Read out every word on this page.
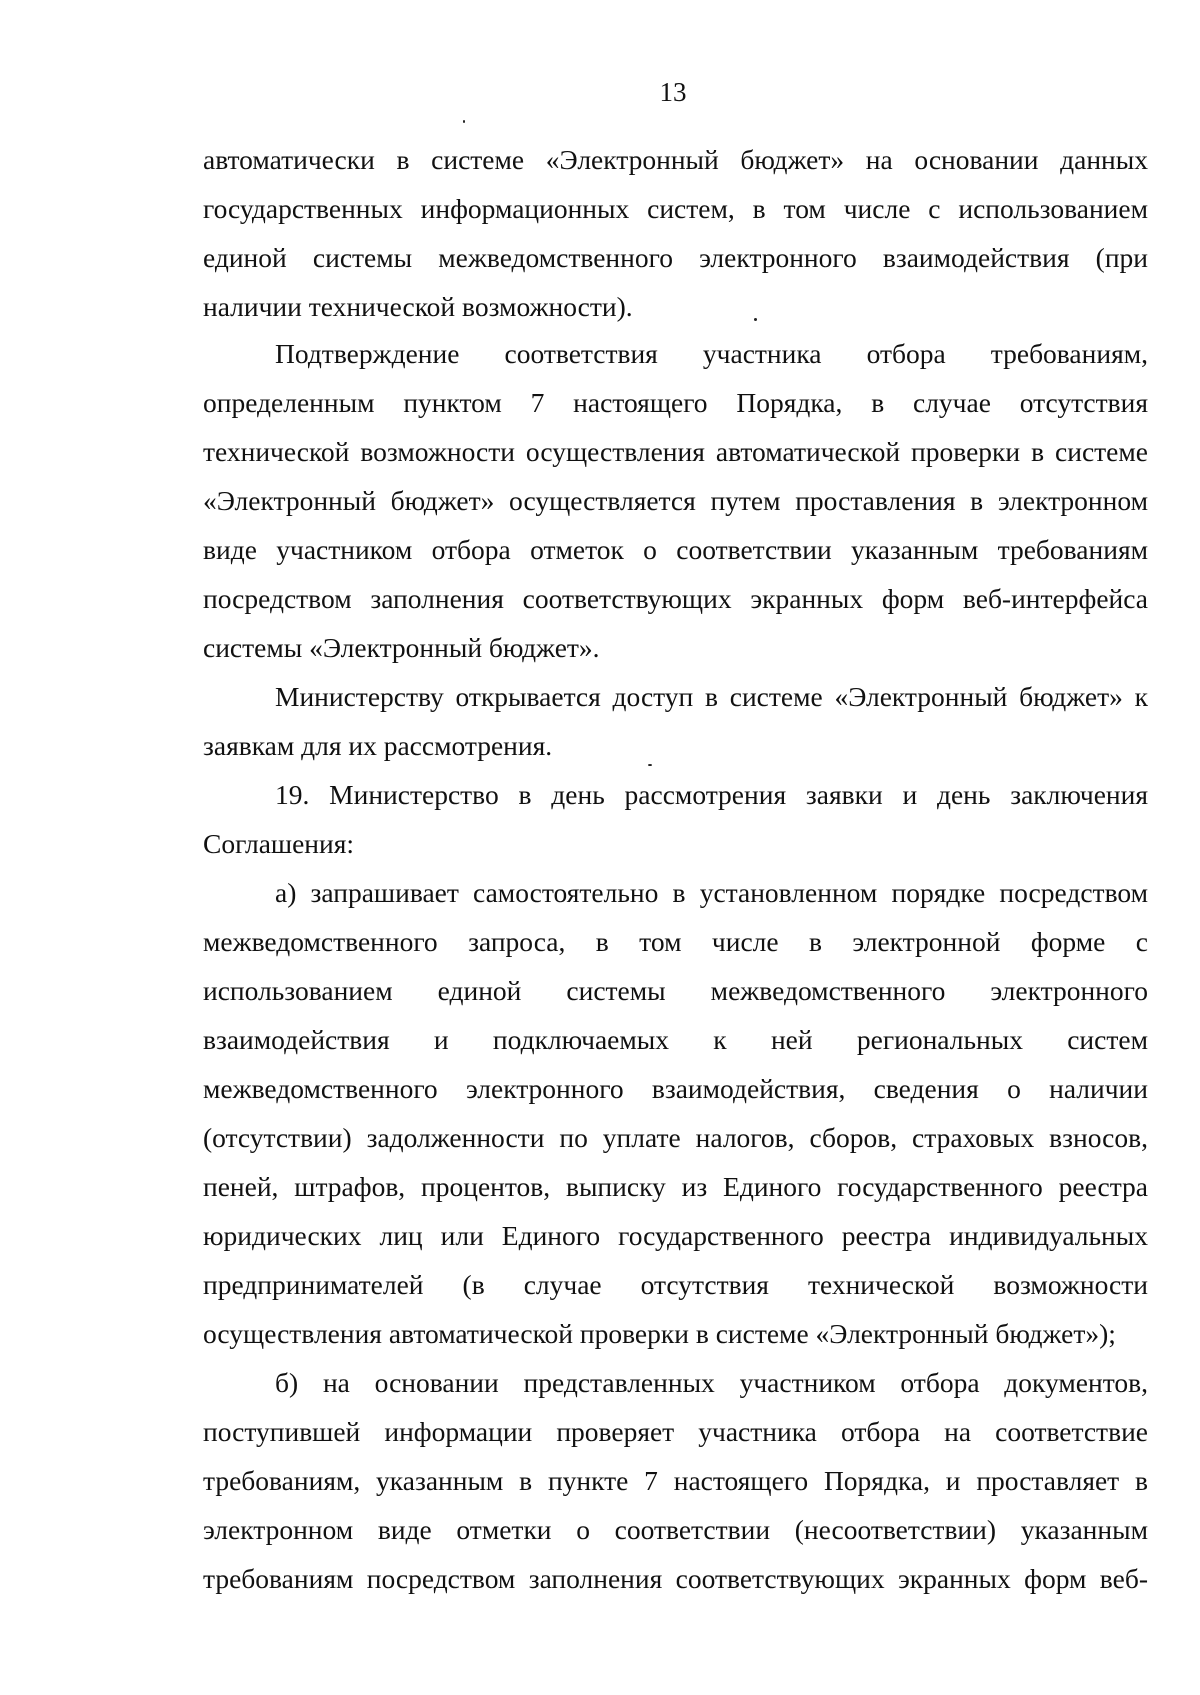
13
автоматически в системе «Электронный бюджет» на основании данных
государственных информационных систем, в том числе с использованием
единой системы межведомственного электронного взаимодействия (при
наличии технической возможности).
Подтверждение соответствия участника отбора требованиям,
определенным пунктом 7 настоящего Порядка, в случае отсутствия
технической возможности осуществления автоматической проверки в системе
«Электронный бюджет» осуществляется путем проставления в электронном
виде участником отбора отметок о соответствии указанным требованиям
посредством заполнения соответствующих экранных форм веб-интерфейса
системы «Электронный бюджет».
Министерству открывается доступ в системе «Электронный бюджет» к
заявкам для их рассмотрения.
19. Министерство в день рассмотрения заявки и день заключения
Соглашения:
а) запрашивает самостоятельно в установленном порядке посредством
межведомственного запроса, в том числе в электронной форме с
использованием единой системы межведомственного электронного
взаимодействия и подключаемых к ней региональных систем
межведомственного электронного взаимодействия, сведения о наличии
(отсутствии) задолженности по уплате налогов, сборов, страховых взносов,
пеней, штрафов, процентов, выписку из Единого государственного реестра
юридических лиц или Единого государственного реестра индивидуальных
предпринимателей (в случае отсутствия технической возможности
осуществления автоматической проверки в системе «Электронный бюджет»);
б) на основании представленных участником отбора документов,
поступившей информации проверяет участника отбора на соответствие
требованиям, указанным в пункте 7 настоящего Порядка, и проставляет в
электронном виде отметки о соответствии (несоответствии) указанным
требованиям посредством заполнения соответствующих экранных форм веб-
